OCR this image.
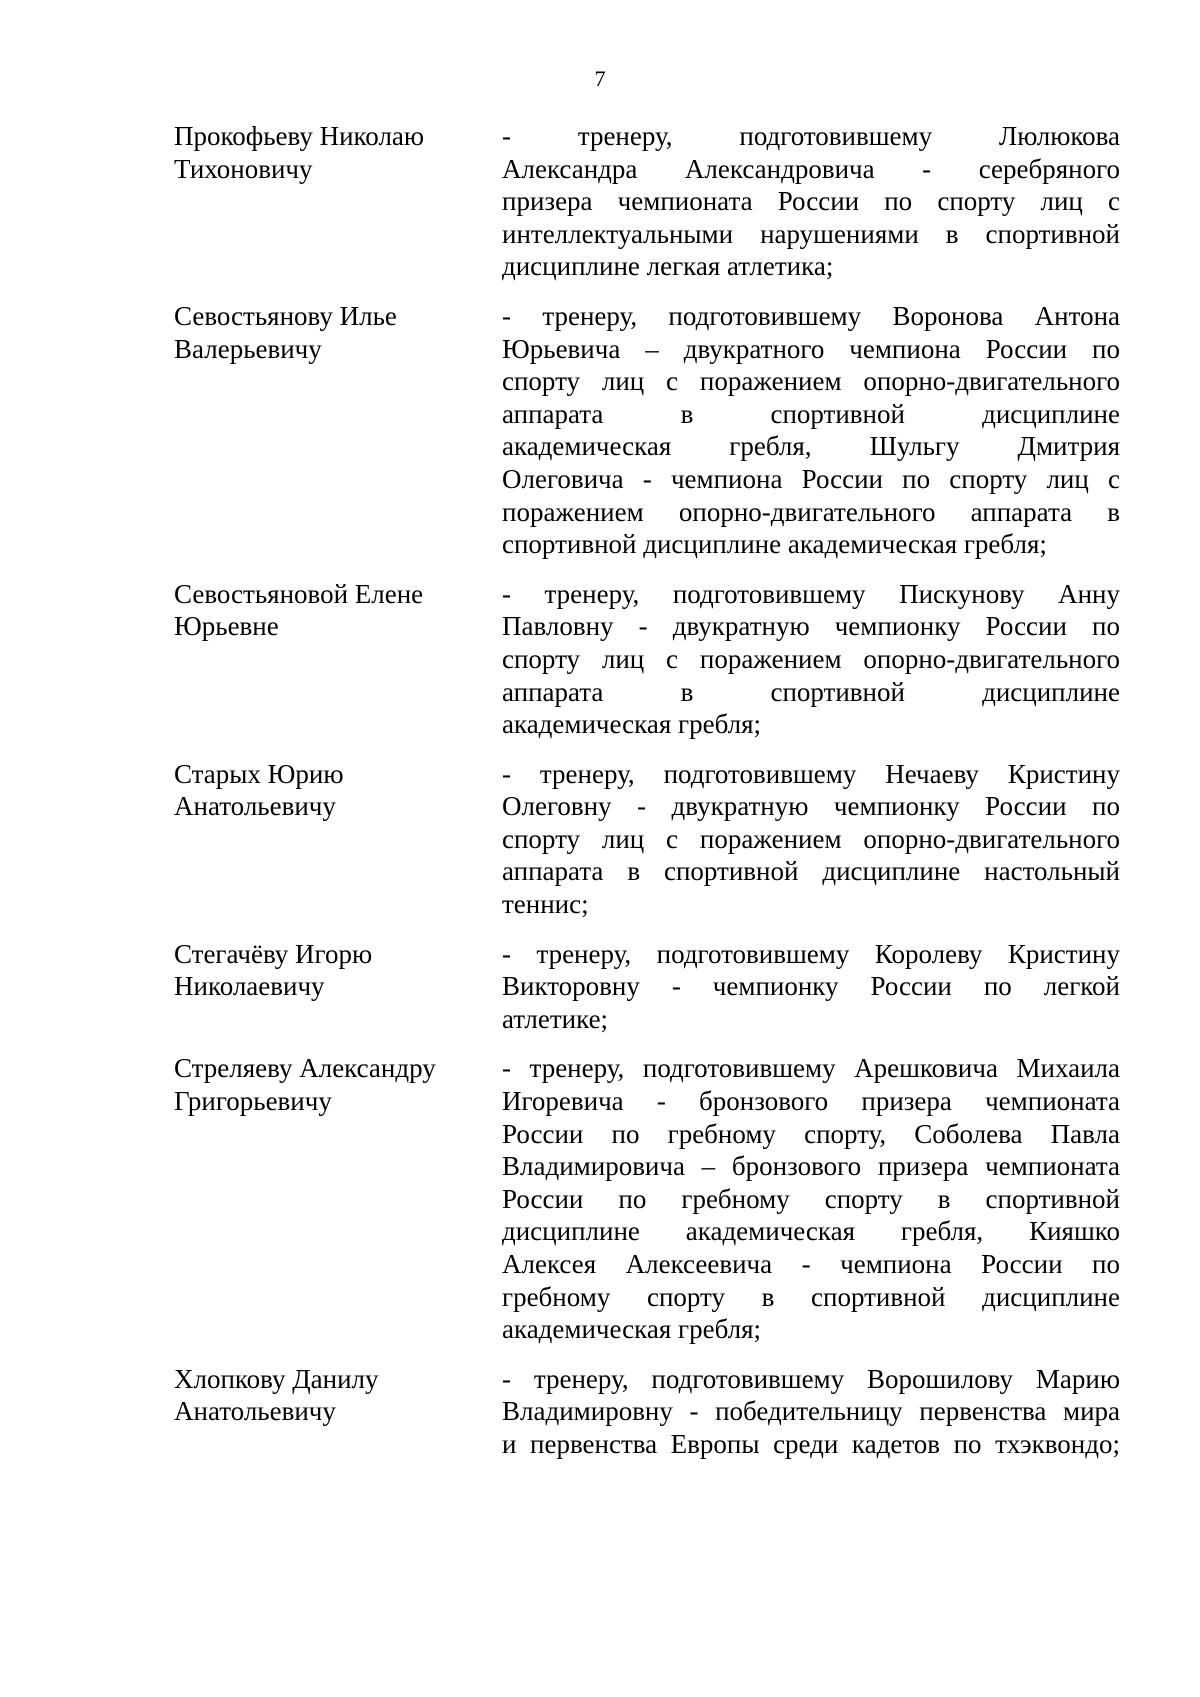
7
Прокофьеву Николаю
Тихоновичу
- тренеру, подготовившему Люлюкова
Александра Александровича - серебряного
призера чемпионата России по спорту лиц с
интеллектуальными нарушениями в спортивной
дисциплине легкая атлетика;
Севостьянову Илье
Валерьевичу
- тренеру, подготовившему Воронова Антона
Юрьевича – двукратного чемпиона России по
спорту лиц с поражением опорно-двигательного
аппарата в спортивной дисциплине
академическая гребля, Шульгу Дмитрия
Олеговича - чемпиона России по спорту лиц с
поражением опорно-двигательного аппарата в
спортивной дисциплине академическая гребля;
Севостьяновой Елене
Юрьевне
- тренеру, подготовившему Пискунову Анну
Павловну - двукратную чемпионку России по
спорту лиц с поражением опорно-двигательного
аппарата в спортивной дисциплине
академическая гребля;
Старых Юрию
Анатольевичу
- тренеру, подготовившему Нечаеву Кристину
Олеговну - двукратную чемпионку России по
спорту лиц с поражением опорно-двигательного
аппарата в спортивной дисциплине настольный
теннис;
Стегачёву Игорю
Николаевичу
- тренеру, подготовившему Королеву Кристину
Викторовну - чемпионку России по легкой
атлетике;
Стреляеву Александру
Григорьевичу
- тренеру, подготовившему Арешковича Михаила
Игоревича - бронзового призера чемпионата
России по гребному спорту, Соболева Павла
Владимировича – бронзового призера чемпионата
России по гребному спорту в спортивной
дисциплине академическая гребля, Кияшко
Алексея Алексеевича - чемпиона России по
гребному спорту в спортивной дисциплине
академическая гребля;
Хлопкову Данилу
Анатольевичу
- тренеру, подготовившему Ворошилову Марию
Владимировну - победительницу первенства мира
и первенства Европы среди кадетов по тхэквондо;
